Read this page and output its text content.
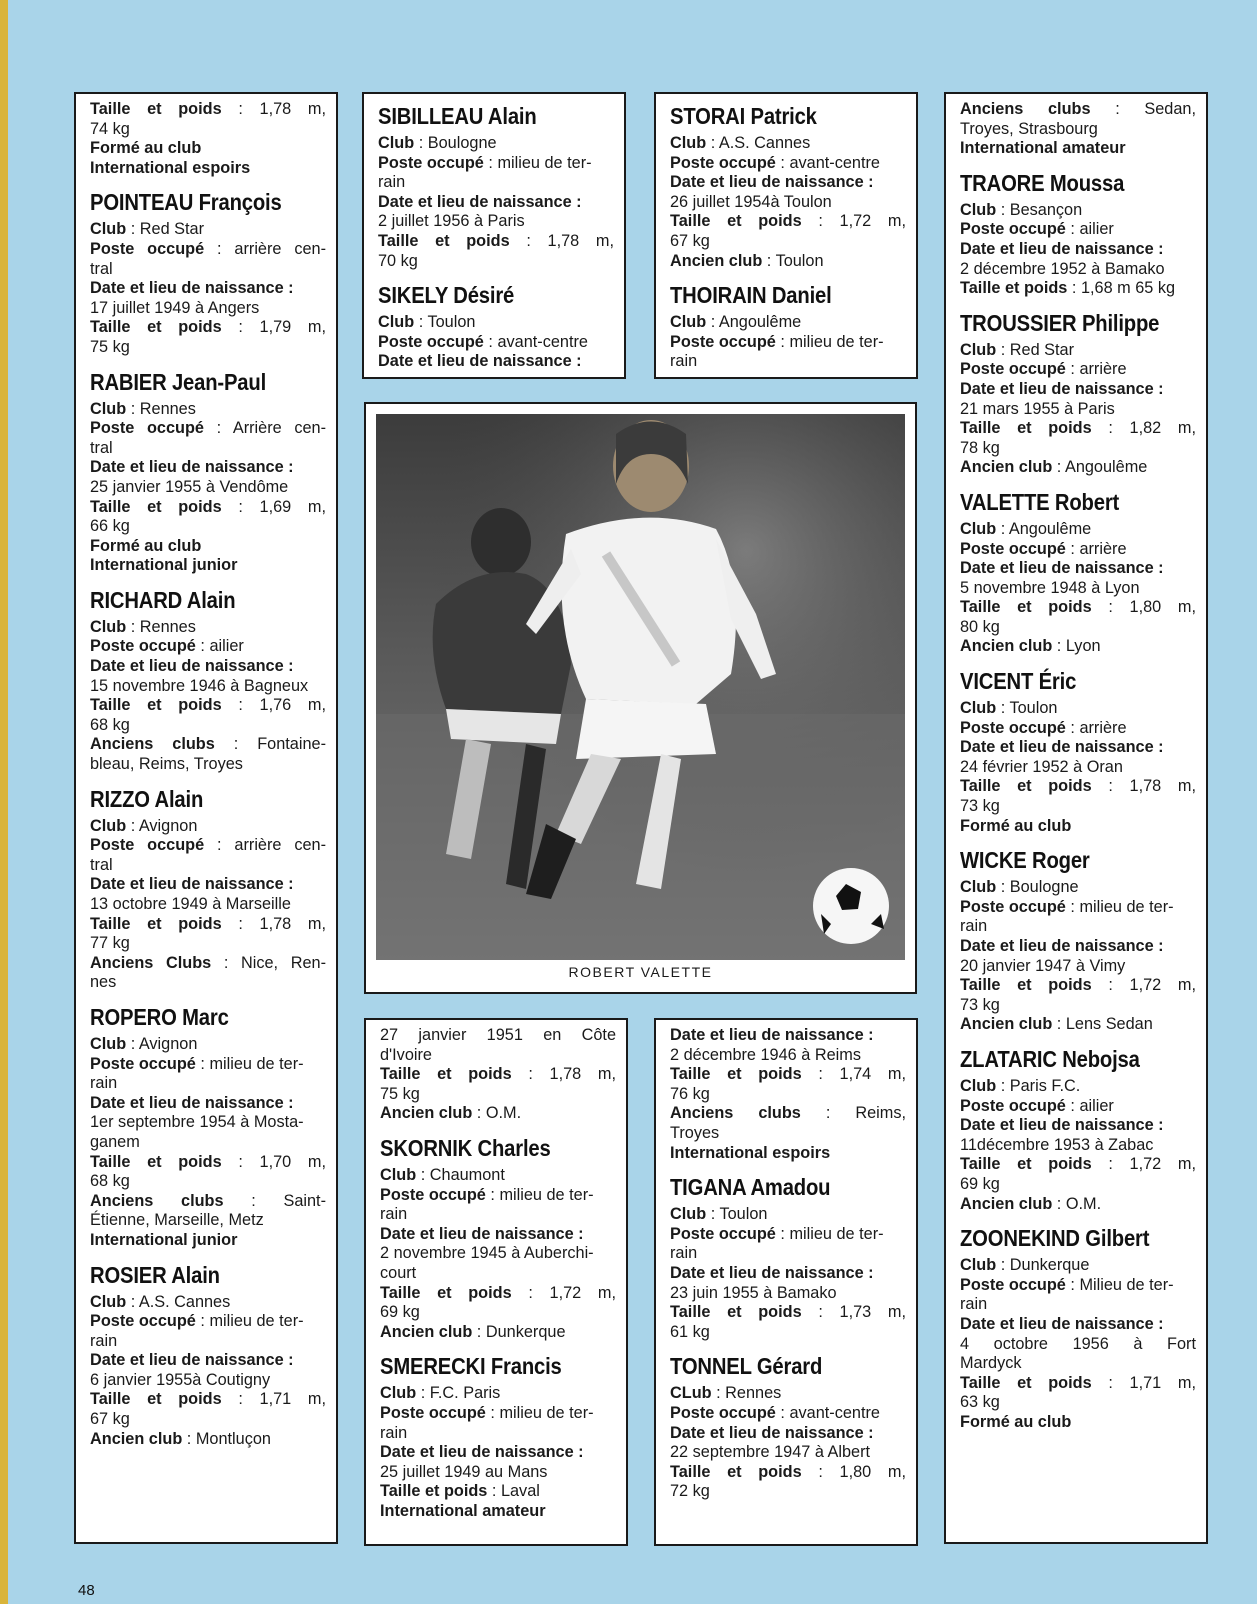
Taille et poids : 1,78 m,
74 kg
Formé au club
International espoirs
POINTEAU François
Club : Red Star
Poste occupé : arrière cen-
tral
Date et lieu de naissance :
17 juillet 1949 à Angers
Taille et poids : 1,79 m,
75 kg
RABIER Jean-Paul
Club : Rennes
Poste occupé : Arrière cen-
tral
Date et lieu de naissance :
25 janvier 1955 à Vendôme
Taille et poids : 1,69 m,
66 kg
Formé au club
International junior
RICHARD Alain
Club : Rennes
Poste occupé : ailier
Date et lieu de naissance :
15 novembre 1946 à Bagneux
Taille et poids : 1,76 m,
68 kg
Anciens clubs : Fontaine-
bleau, Reims, Troyes
RIZZO Alain
Club : Avignon
Poste occupé : arrière cen-
tral
Date et lieu de naissance :
13 octobre 1949 à Marseille
Taille et poids : 1,78 m,
77 kg
Anciens Clubs : Nice, Ren-
nes
ROPERO Marc
Club : Avignon
Poste occupé : milieu de ter-
rain
Date et lieu de naissance :
1er septembre 1954 à Mosta-
ganem
Taille et poids : 1,70 m,
68 kg
Anciens clubs : Saint-
Étienne, Marseille, Metz
International junior
ROSIER Alain
Club : A.S. Cannes
Poste occupé : milieu de ter-
rain
Date et lieu de naissance :
6 janvier 1955à Coutigny
Taille et poids : 1,71 m,
67 kg
Ancien club : Montluçon
SIBILLEAU Alain
Club : Boulogne
Poste occupé : milieu de ter-
rain
Date et lieu de naissance :
2 juillet 1956 à Paris
Taille et poids : 1,78 m,
70 kg
SIKELY Désiré
Club : Toulon
Poste occupé : avant-centre
Date et lieu de naissance :
STORAI Patrick
Club : A.S. Cannes
Poste occupé : avant-centre
Date et lieu de naissance :
26 juillet 1954à Toulon
Taille et poids : 1,72 m,
67 kg
Ancien club : Toulon
THOIRAIN Daniel
Club : Angoulême
Poste occupé : milieu de ter-
rain
ROBERT VALETTE
27 janvier 1951 en Côte
d'Ivoire
Taille et poids : 1,78 m,
75 kg
Ancien club : O.M.
SKORNIK Charles
Club : Chaumont
Poste occupé : milieu de ter-
rain
Date et lieu de naissance :
2 novembre 1945 à Auberchi-
court
Taille et poids : 1,72 m,
69 kg
Ancien club : Dunkerque
SMERECKI Francis
Club : F.C. Paris
Poste occupé : milieu de ter-
rain
Date et lieu de naissance :
25 juillet 1949 au Mans
Taille et poids : Laval
International amateur
Date et lieu de naissance :
2 décembre 1946 à Reims
Taille et poids : 1,74 m,
76 kg
Anciens clubs : Reims,
Troyes
International espoirs
TIGANA Amadou
Club : Toulon
Poste occupé : milieu de ter-
rain
Date et lieu de naissance :
23 juin 1955 à Bamako
Taille et poids : 1,73 m,
61 kg
TONNEL Gérard
CLub : Rennes
Poste occupé : avant-centre
Date et lieu de naissance :
22 septembre 1947 à Albert
Taille et poids : 1,80 m,
72 kg
Anciens clubs : Sedan,
Troyes, Strasbourg
International amateur
TRAORE Moussa
Club : Besançon
Poste occupé : ailier
Date et lieu de naissance :
2 décembre 1952 à Bamako
Taille et poids : 1,68 m 65 kg
TROUSSIER Philippe
Club : Red Star
Poste occupé : arrière
Date et lieu de naissance :
21 mars 1955 à Paris
Taille et poids : 1,82 m,
78 kg
Ancien club : Angoulême
VALETTE Robert
Club : Angoulême
Poste occupé : arrière
Date et lieu de naissance :
5 novembre 1948 à Lyon
Taille et poids : 1,80 m,
80 kg
Ancien club : Lyon
VICENT Éric
Club : Toulon
Poste occupé : arrière
Date et lieu de naissance :
24 février 1952 à Oran
Taille et poids : 1,78 m,
73 kg
Formé au club
WICKE Roger
Club : Boulogne
Poste occupé : milieu de ter-
rain
Date et lieu de naissance :
20 janvier 1947 à Vimy
Taille et poids : 1,72 m,
73 kg
Ancien club : Lens Sedan
ZLATARIC Nebojsa
Club : Paris F.C.
Poste occupé : ailier
Date et lieu de naissance :
11décembre 1953 à Zabac
Taille et poids : 1,72 m,
69 kg
Ancien club : O.M.
ZOONEKIND Gilbert
Club : Dunkerque
Poste occupé : Milieu de ter-
rain
Date et lieu de naissance :
4 octobre 1956 à Fort
Mardyck
Taille et poids : 1,71 m,
63 kg
Formé au club
48
